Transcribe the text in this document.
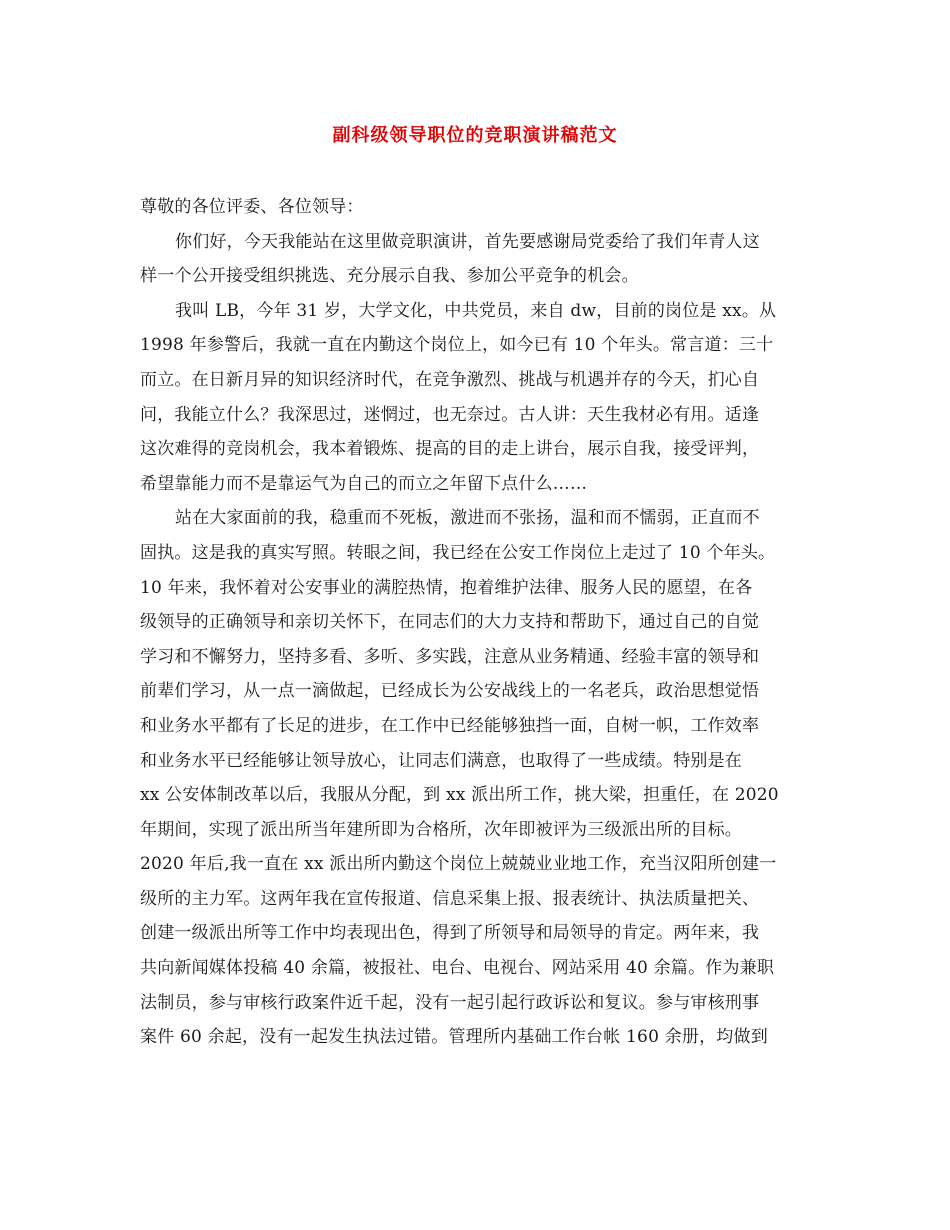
副科级领导职位的竞职演讲稿范文
尊敬的各位评委、各位领导：
你们好，今天我能站在这里做竞职演讲，首先要感谢局党委给了我们年青人这
样一个公开接受组织挑选、充分展示自我、参加公平竞争的机会。
我叫 LB，今年 31 岁，大学文化，中共党员，来自 dw，目前的岗位是 xx。从
1998 年参警后，我就一直在内勤这个岗位上，如今已有 10 个年头。常言道：三十
而立。在日新月异的知识经济时代，在竞争激烈、挑战与机遇并存的今天，扪心自
问，我能立什么？我深思过，迷惘过，也无奈过。古人讲：天生我材必有用。适逢
这次难得的竞岗机会，我本着锻炼、提高的目的走上讲台，展示自我，接受评判，
希望靠能力而不是靠运气为自己的而立之年留下点什么……
站在大家面前的我，稳重而不死板，激进而不张扬，温和而不懦弱，正直而不
固执。这是我的真实写照。转眼之间，我已经在公安工作岗位上走过了 10 个年头。
10 年来，我怀着对公安事业的满腔热情，抱着维护法律、服务人民的愿望，在各
级领导的正确领导和亲切关怀下，在同志们的大力支持和帮助下，通过自己的自觉
学习和不懈努力，坚持多看、多听、多实践，注意从业务精通、经验丰富的领导和
前辈们学习，从一点一滴做起，已经成长为公安战线上的一名老兵，政治思想觉悟
和业务水平都有了长足的进步，在工作中已经能够独挡一面，自树一帜，工作效率
和业务水平已经能够让领导放心，让同志们满意，也取得了一些成绩。特别是在
xx 公安体制改革以后，我服从分配，到 xx 派出所工作，挑大梁，担重任，在 2020
年期间，实现了派出所当年建所即为合格所，次年即被评为三级派出所的目标。
2020 年后,我一直在 xx 派出所内勤这个岗位上兢兢业业地工作，充当汉阳所创建一
级所的主力军。这两年我在宣传报道、信息采集上报、报表统计、执法质量把关、
创建一级派出所等工作中均表现出色，得到了所领导和局领导的肯定。两年来，我
共向新闻媒体投稿 40 余篇，被报社、电台、电视台、网站采用 40 余篇。作为兼职
法制员，参与审核行政案件近千起，没有一起引起行政诉讼和复议。参与审核刑事
案件 60 余起，没有一起发生执法过错。管理所内基础工作台帐 160 余册，均做到
